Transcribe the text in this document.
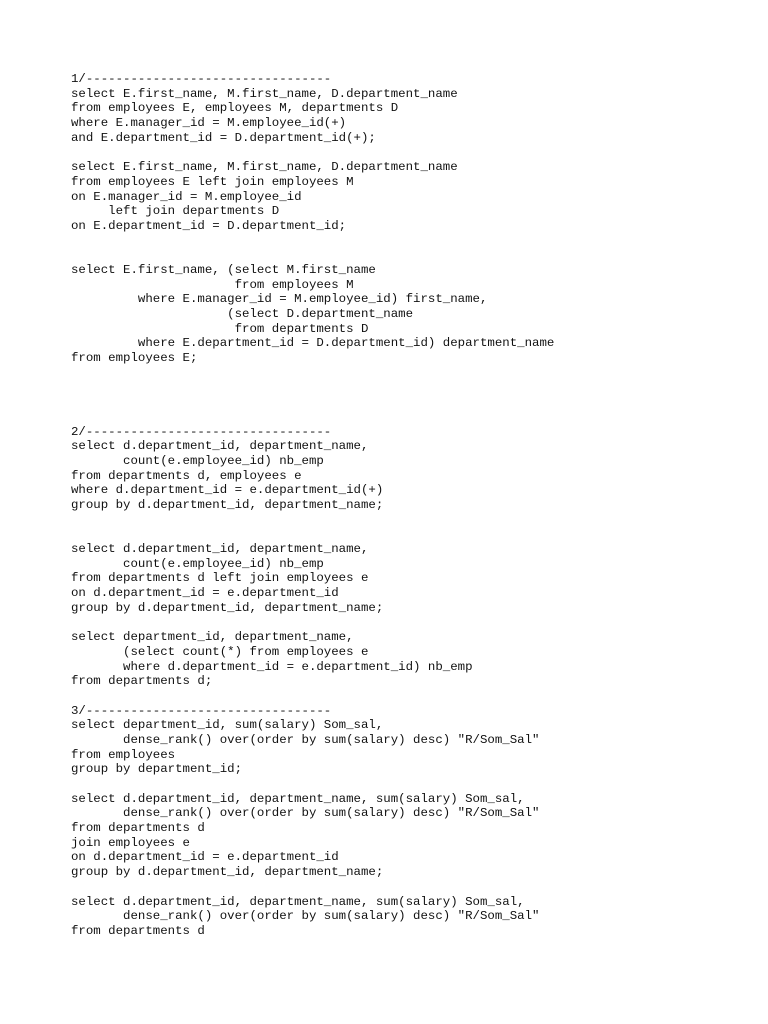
1/---------------------------------
select E.first_name, M.first_name, D.department_name
from employees E, employees M, departments D
where E.manager_id = M.employee_id(+)
and E.department_id = D.department_id(+);
select E.first_name, M.first_name, D.department_name
from employees E left join employees M
on E.manager_id = M.employee_id
left join departments D
on E.department_id = D.department_id;
select E.first_name, (select M.first_name
from employees M
where E.manager_id = M.employee_id) first_name,
(select D.department_name
from departments D
where E.department_id = D.department_id) department_name
from employees E;
2/---------------------------------
select d.department_id, department_name,
count(e.employee_id) nb_emp
from departments d, employees e
where d.department_id = e.department_id(+)
group by d.department_id, department_name;
select d.department_id, department_name,
count(e.employee_id) nb_emp
from departments d left join employees e
on d.department_id = e.department_id
group by d.department_id, department_name;
select department_id, department_name,
(select count(*) from employees e
where d.department_id = e.department_id) nb_emp
from departments d;
3/---------------------------------
select department_id, sum(salary) Som_sal,
dense_rank() over(order by sum(salary) desc) "R/Som_Sal"
from employees
group by department_id;
select d.department_id, department_name, sum(salary) Som_sal,
dense_rank() over(order by sum(salary) desc) "R/Som_Sal"
from departments d
join employees e
on d.department_id = e.department_id
group by d.department_id, department_name;
select d.department_id, department_name, sum(salary) Som_sal,
dense_rank() over(order by sum(salary) desc) "R/Som_Sal"
from departments d
